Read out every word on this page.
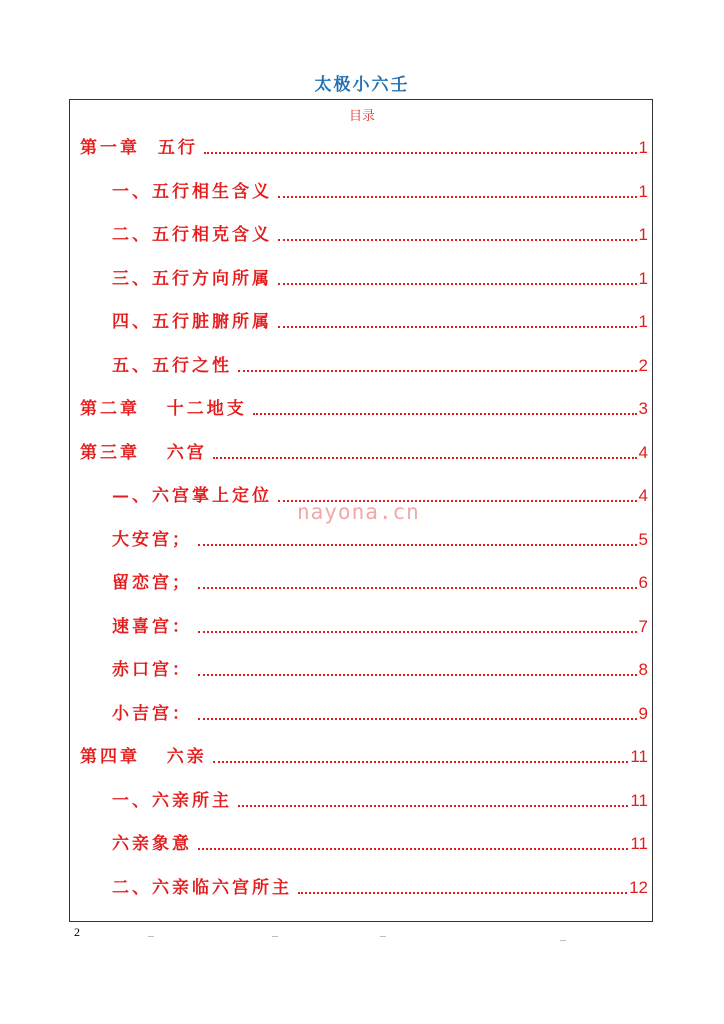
太极小六壬
目录
第一章  五行	1
一、五行相生含义	1
二、五行相克含义	1
三、五行方向所属	1
四、五行脏腑所属	1
五、五行之性	2
第二章   十二地支	3
第三章   六宫	4
—、六宫掌上定位	4
大安宫；	5
留恋宫；	6
速喜宫：	7
赤口宫：	8
小吉宫：	9
第四章   六亲	11
一、六亲所主	11
六亲象意	11
二、六亲临六宫所主	12
nayona.cn
2
